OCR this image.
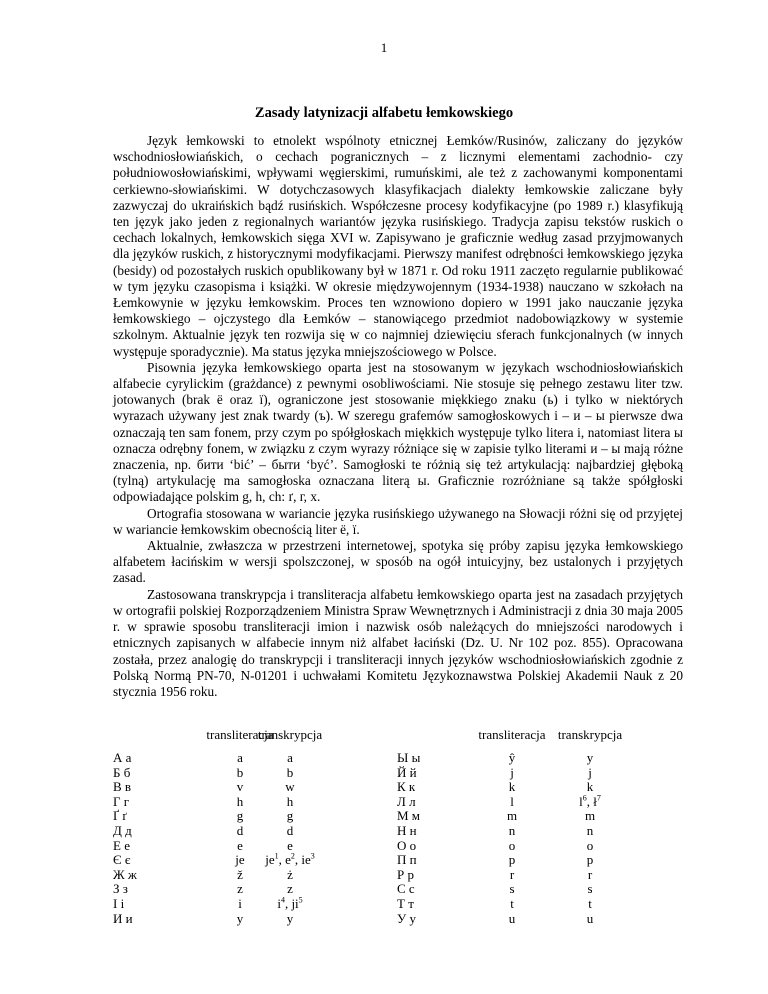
1
Zasady latynizacji alfabetu łemkowskiego

Język łemkowski to etnolekt wspólnoty etnicznej Łemków/Rusinów, zaliczany do języków wschodniosłowiańskich, o cechach pogranicznych – z licznymi elementami zachodnio- czy południowosłowiańskimi, wpływami węgierskimi, rumuńskimi, ale też z zachowanymi komponentami cerkiewno-słowiańskimi. W dotychczasowych klasyfikacjach dialekty łemkowskie zaliczane były zazwyczaj do ukraińskich bądź rusińskich. Współczesne procesy kodyfikacyjne (po 1989 r.) klasyfikują ten język jako jeden z regionalnych wariantów języka rusińskiego. Tradycja zapisu tekstów ruskich o cechach lokalnych, łemkowskich sięga XVI w. Zapisywano je graficznie według zasad przyjmowanych dla języków ruskich, z historycznymi modyfikacjami. Pierwszy manifest odrębności łemkowskiego języka (besidy) od pozostałych ruskich opublikowany był w 1871 r. Od roku 1911 zaczęto regularnie publikować w tym języku czasopisma i książki. W okresie międzywojennym (1934-1938) nauczano w szkołach na Łemkowynie w języku łemkowskim. Proces ten wznowiono dopiero w 1991 jako nauczanie języka łemkowskiego – ojczystego dla Łemków – stanowiącego przedmiot nadobowiązkowy w systemie szkolnym. Aktualnie język ten rozwija się w co najmniej dziewięciu sferach funkcjonalnych (w innych występuje sporadycznie). Ma status języka mniejszościowego w Polsce.

Pisownia języka łemkowskiego oparta jest na stosowanym w językach wschodniosłowiańskich alfabecie cyrylickim (grażdance) z pewnymi osobliwościami. Nie stosuje się pełnego zestawu liter tzw. jotowanych (brak ё oraz ї), ograniczone jest stosowanie miękkiego znaku (ь) i tylko w niektórych wyrazach używany jest znak twardy (ъ). W szeregu grafemów samogłoskowych і – и – ы pierwsze dwa oznaczają ten sam fonem, przy czym po spółgłoskach miękkich występuje tylko litera і, natomiast litera ы oznacza odrębny fonem, w związku z czym wyrazy różniące się w zapisie tylko literami и – ы mają różne znaczenia, np. бити ‘bić’ – быти ‘być’. Samogłoski te różnią się też artykulacją: najbardziej głęboką (tylną) artykulację ma samogłoska oznaczana literą ы. Graficznie rozróżniane są także spółgłoski odpowiadające polskim g, h, ch: ґ, г, х.

Ortografia stosowana w wariancie języka rusińskiego używanego na Słowacji różni się od przyjętej w wariancie łemkowskim obecnością liter ё, ї.

Aktualnie, zwłaszcza w przestrzeni internetowej, spotyka się próby zapisu języka łemkowskiego alfabetem łacińskim w wersji spolszczonej, w sposób na ogół intuicyjny, bez ustalonych i przyjętych zasad.

Zastosowana transkrypcja i transliteracja alfabetu łemkowskiego oparta jest na zasadach przyjętych w ortografii polskiej Rozporządzeniem Ministra Spraw Wewnętrznych i Administracji z dnia 30 maja 2005 r. w sprawie sposobu transliteracji imion i nazwisk osób należących do mniejszości narodowych i etnicznych zapisanych w alfabecie innym niż alfabet łaciński (Dz. U. Nr 102 poz. 855). Opracowana została, przez analogię do transkrypcji i transliteracji innych języków wschodniosłowiańskich zgodnie z Polską Normą PN-70, N-01201 i uchwałami Komitetu Językoznawstwa Polskiej Akademii Nauk z 20 stycznia 1956 roku.

transliteracja
transkrypcja	transliteracja transkrypcja
А а
Б б
В в
Г г
Ґ ґ
Д д
Е е
Є є
Ж ж
З з
І і
И и
a
b
v
h
g
d
e
je
ž
z
i
y
a
b
w
h
g
d
e
$je^1$, $e^2$, $ie^3$
ż
z
$i^4$, $ji^5$
y
Ы ы
Й й
К к
Л л
М м
Н н
О о
П п
Р р
С с
Т т
У у
ŷ
j
k
l
m
n
o
p
r
s
t
u
y
j
k
$l^6$, $ł^7$
m
n
o
p
r
s
t
u
